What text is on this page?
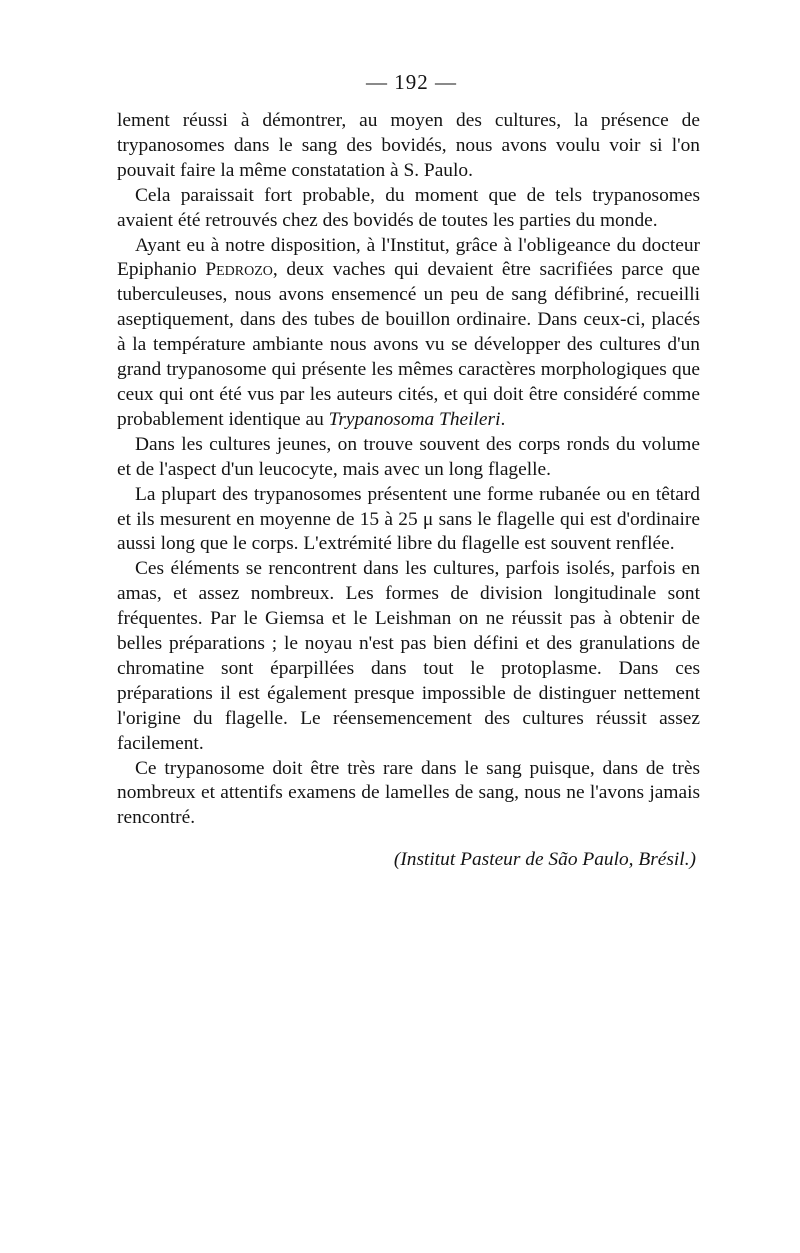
— 192 —

lement réussi à démontrer, au moyen des cultures, la présence de trypanosomes dans le sang des bovidés, nous avons voulu voir si l'on pouvait faire la même constatation à S. Paulo.

Cela paraissait fort probable, du moment que de tels trypanosomes avaient été retrouvés chez des bovidés de toutes les parties du monde.

Ayant eu à notre disposition, à l'Institut, grâce à l'obligeance du docteur Epiphanio Pedrozo, deux vaches qui devaient être sacrifiées parce que tuberculeuses, nous avons ensemencé un peu de sang défibriné, recueilli aseptiquement, dans des tubes de bouillon ordinaire. Dans ceux-ci, placés à la température ambiante nous avons vu se développer des cultures d'un grand trypanosome qui présente les mêmes caractères morphologiques que ceux qui ont été vus par les auteurs cités, et qui doit être considéré comme probablement identique au Trypanosoma Theileri.

Dans les cultures jeunes, on trouve souvent des corps ronds du volume et de l'aspect d'un leucocyte, mais avec un long flagelle.

La plupart des trypanosomes présentent une forme rubanée ou en têtard et ils mesurent en moyenne de 15 à 25 μ sans le flagelle qui est d'ordinaire aussi long que le corps. L'extrémité libre du flagelle est souvent renflée.

Ces éléments se rencontrent dans les cultures, parfois isolés, parfois en amas, et assez nombreux. Les formes de division longitudinale sont fréquentes. Par le Giemsa et le Leishman on ne réussit pas à obtenir de belles préparations ; le noyau n'est pas bien défini et des granulations de chromatine sont éparpillées dans tout le protoplasme. Dans ces préparations il est également presque impossible de distinguer nettement l'origine du flagelle. Le réensemencement des cultures réussit assez facilement.

Ce trypanosome doit être très rare dans le sang puisque, dans de très nombreux et attentifs examens de lamelles de sang, nous ne l'avons jamais rencontré.

(Institut Pasteur de São Paulo, Brésil.)
